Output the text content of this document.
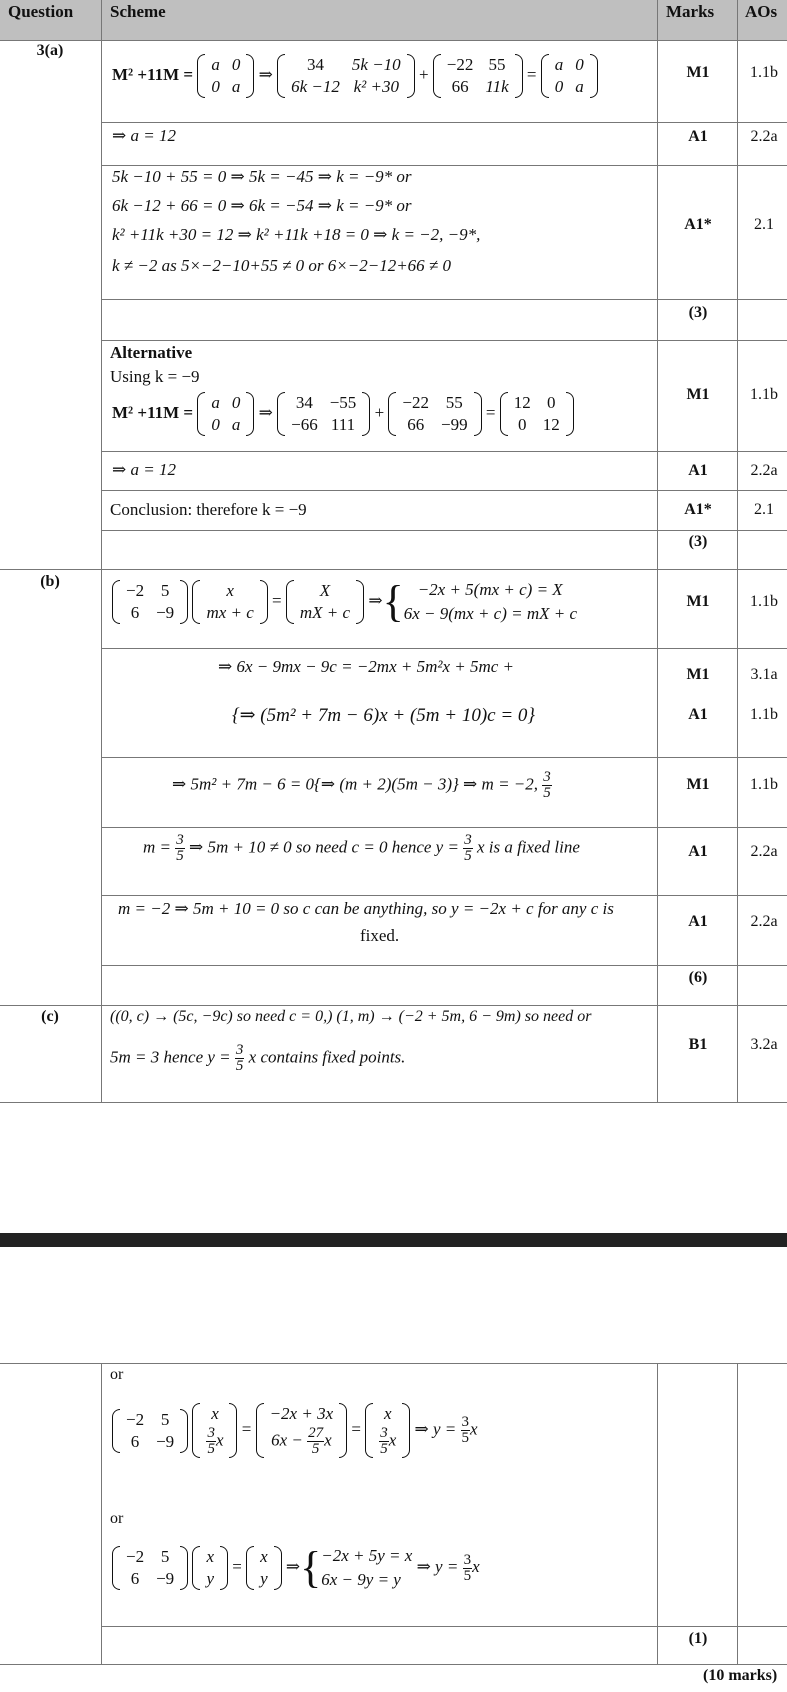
Question Scheme	Marks AOs
3(a)
M² +11M =
a	0
0	a
⇒
34	5k −10
6k −12	k² +30
+
−22	55
66	11k
=
a	0
0	a
M1	1.1b
⇒ a = 12	A1	2.2a
5k −10 + 55 = 0 ⇒ 5k = −45 ⇒ k = −9* or
6k −12 + 66 = 0 ⇒ 6k = −54 ⇒ k = −9* or
k² +11k +30 = 12 ⇒ k² +11k +18 = 0 ⇒ k = −2, −9*,
k ≠ −2 as 5×−2−10+55 ≠ 0 or 6×−2−12+66 ≠ 0
A1*	2.1
(3)
Alternative
Using k = −9
M² +11M =
a	0
0	a
⇒
34	−55
−66	111
+
−22	55
66	−99
=
12	0
0	12
M1	1.1b
⇒ a = 12	A1	2.2a
Conclusion: therefore k = −9	A1*	2.1
(3)
(b)	−2	5
6	−9

x
mx + c
=
X
mX + c
⇒{ −2x + 5(mx + c) = X
6x − 9(mx + c) = mX + c
M1	1.1b
⇒ 6x − 9mx − 9c = −2mx + 5m²x + 5mc +
{⇒ (5m² + 7m − 6)x + (5m + 10)c = 0}
M1	3.1a
A1	1.1b
⇒ 5m² + 7m − 6 = 0{⇒ (m + 2)(5m − 3)} ⇒ m = −2, $\frac{3}{5}$	M1	1.1b
$m = \frac{3}{5}$ ⇒ 5m + 10 ≠ 0 so need c = 0 hence $y = \frac{3}{5}$ x is a fixed line	A1	2.2a
m = −2 ⇒ 5m + 10 = 0 so c can be anything, so y = −2x + c for any c is
fixed.
A1	2.2a
(6)
(c)	((0, c) → (5c, −9c) so need c = 0,) (1, m) → (−2 + 5m, 6 − 9m) so need or
5m = 3 hence $y = \frac{3}{5}$ x contains fixed points.
B1	3.2a
or
−2	5
6	−9

x

$\frac{3}{5}$ x
=
−2x + 3x
$6x - \frac{27}{5}$ x
=
x

$\frac{3}{5}$ x
⇒ $y = \frac{3}{5}$ x
or
−2	5
6	−9

x
y
=
x
y
⇒{ −2x + 5y = x
6x − 9y = y
⇒ $y = \frac{3}{5}$ x
(1)
(10 marks)
